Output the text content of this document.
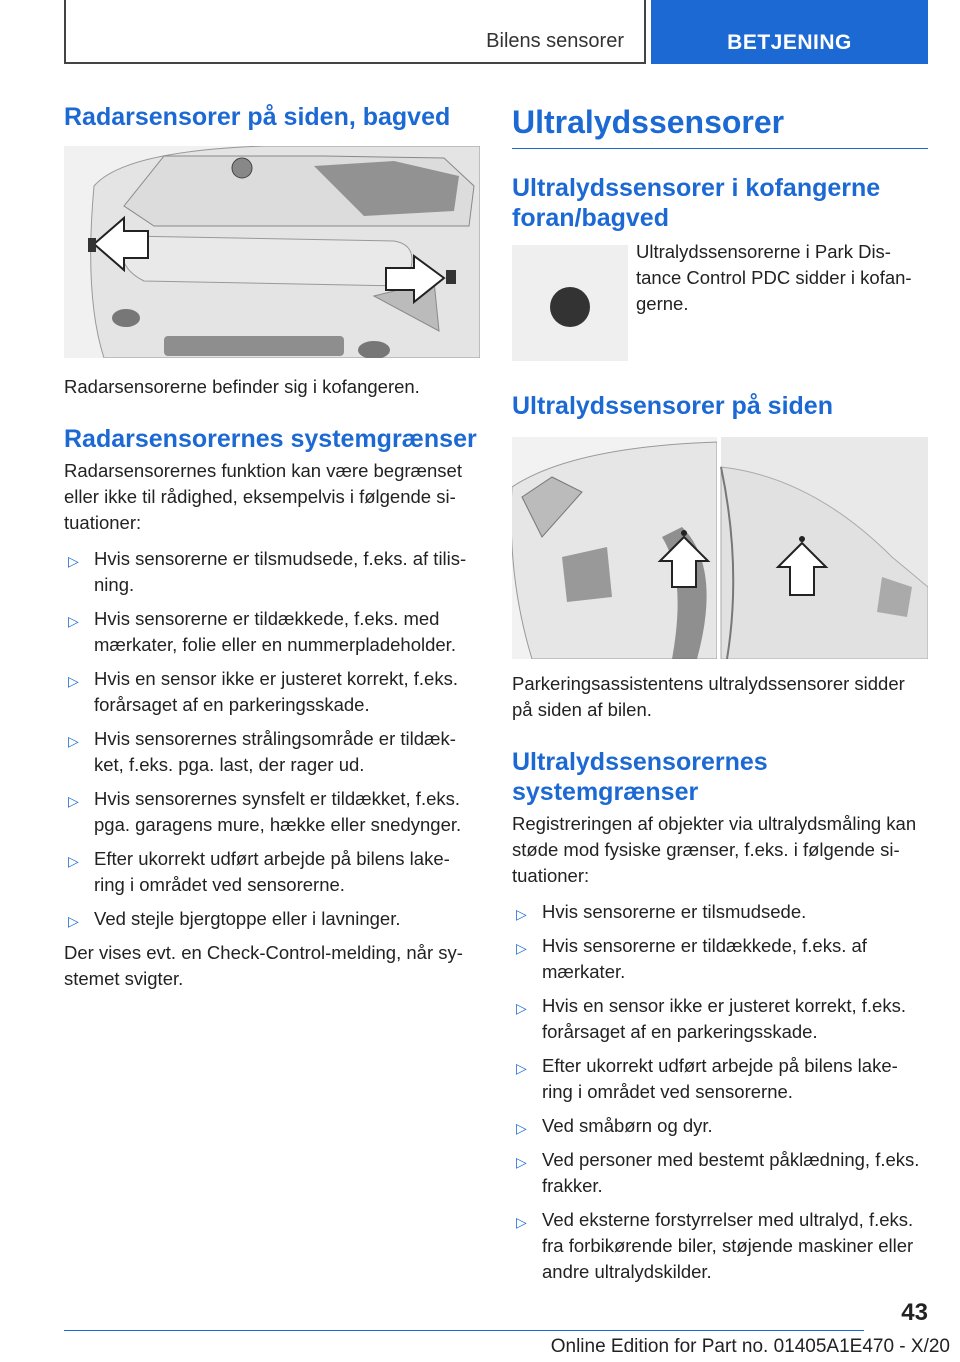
Bilens sensorer	BETJENING
Radarsensorer på siden, bagved

Radarsensorerne befinder sig i kofangeren.

Radarsensorernes systemgrænser

Radarsensorernes funktion kan være begrænset eller ikke til rådighed, eksempelvis i følgende si-tuationer:

▷ Hvis sensorerne er tilsmudsede, f.eks. af tilis-ning.
▷ Hvis sensorerne er tildækkede, f.eks. med mærkater, folie eller en nummerpladeholder.
▷ Hvis en sensor ikke er justeret korrekt, f.eks. forårsaget af en parkeringsskade.
▷ Hvis sensorernes strålingsområde er tildæk-ket, f.eks. pga. last, der rager ud.
▷ Hvis sensorernes synsfelt er tildækket, f.eks. pga. garagens mure, hække eller snedynger.
▷ Efter ukorrekt udført arbejde på bilens lake-ring i området ved sensorerne.
▷ Ved stejle bjergtoppe eller i lavninger.

Der vises evt. en Check-Control-melding, når sy-stemet svigter.

Ultralydssensorer
Ultralydssensorer i kofangerne foran/bagved

Ultralydssensorerne i Park Dis-tance Control PDC sidder i kofan-gerne.

Ultralydssensorer på siden

Parkeringsassistentens ultralydssensorer sidder på siden af bilen.

Ultralydssensorernes systemgrænser

Registreringen af objekter via ultralydsmåling kan støde mod fysiske grænser, f.eks. i følgende si-tuationer:

▷ Hvis sensorerne er tilsmudsede.
▷ Hvis sensorerne er tildækkede, f.eks. af mærkater.
▷ Hvis en sensor ikke er justeret korrekt, f.eks. forårsaget af en parkeringsskade.
▷ Efter ukorrekt udført arbejde på bilens lake-ring i området ved sensorerne.
▷ Ved småbørn og dyr.
▷ Ved personer med bestemt påklædning, f.eks. frakker.
▷ Ved eksterne forstyrrelser med ultralyd, f.eks. fra forbikørende biler, støjende maskiner eller andre ultralydskilder.
43
Online Edition for Part no. 01405A1E470 - X/20
